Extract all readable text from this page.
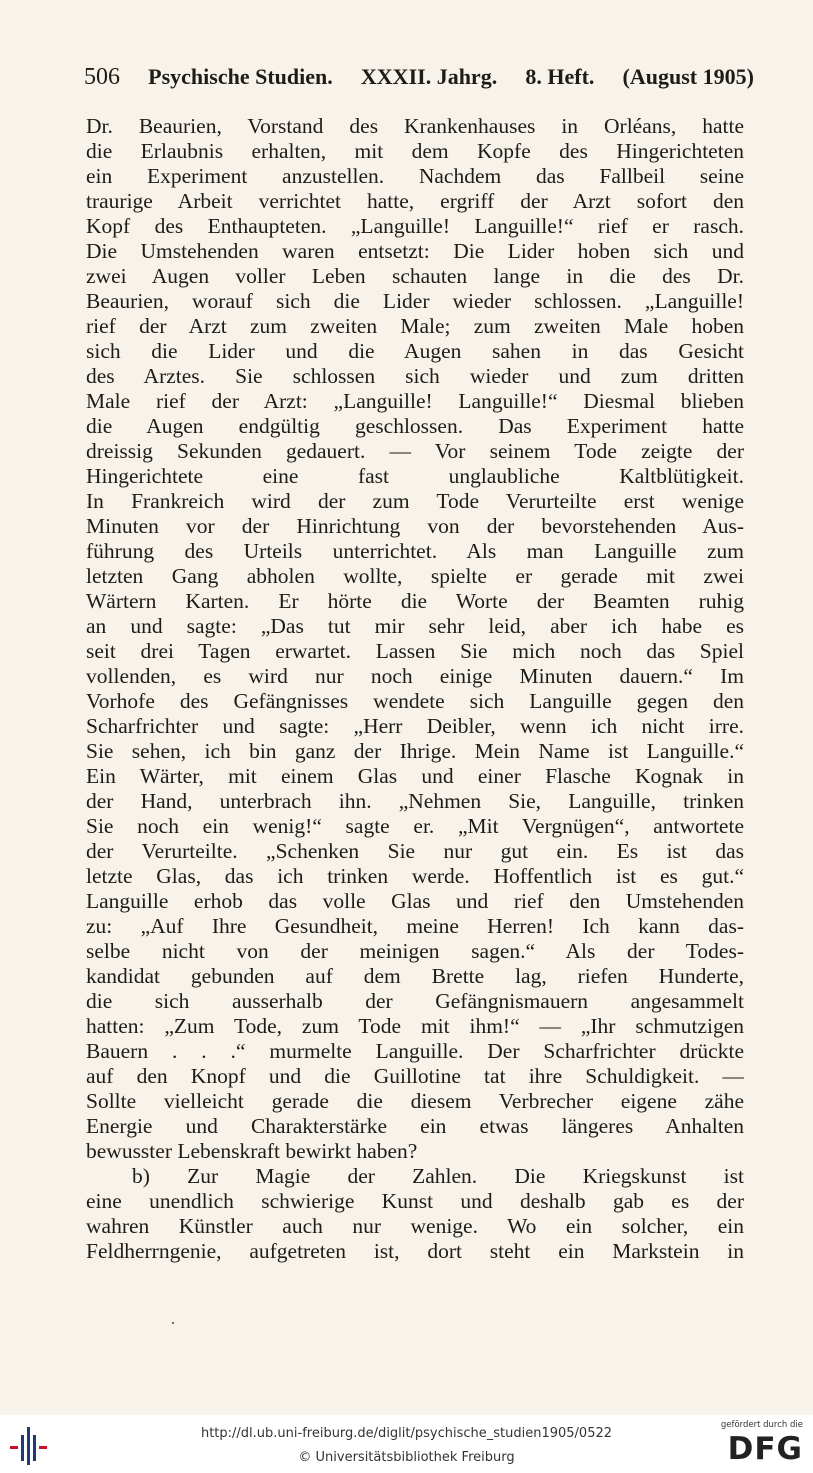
506 Psychische Studien. XXXII. Jahrg. 8. Heft. (August 1905)
Dr. Beaurien, Vorstand des Krankenhauses in Orléans, hatte
die Erlaubnis erhalten, mit dem Kopfe des Hingerichteten
ein Experiment anzustellen. Nachdem das Fallbeil seine
traurige Arbeit verrichtet hatte, ergriff der Arzt sofort den
Kopf des Enthaupteten. „Languille! Languille!“ rief er rasch.
Die Umstehenden waren entsetzt: Die Lider hoben sich und
zwei Augen voller Leben schauten lange in die des Dr.
Beaurien, worauf sich die Lider wieder schlossen. „Languille!
rief der Arzt zum zweiten Male; zum zweiten Male hoben
sich die Lider und die Augen sahen in das Gesicht
des Arztes. Sie schlossen sich wieder und zum dritten
Male rief der Arzt: „Languille! Languille!“ Diesmal blieben
die Augen endgültig geschlossen. Das Experiment hatte
dreissig Sekunden gedauert. — Vor seinem Tode zeigte der
Hingerichtete eine fast unglaubliche Kaltblütigkeit.
In Frankreich wird der zum Tode Verurteilte erst wenige
Minuten vor der Hinrichtung von der bevorstehenden Aus-
führung des Urteils unterrichtet. Als man Languille zum
letzten Gang abholen wollte, spielte er gerade mit zwei
Wärtern Karten. Er hörte die Worte der Beamten ruhig
an und sagte: „Das tut mir sehr leid, aber ich habe es
seit drei Tagen erwartet. Lassen Sie mich noch das Spiel
vollenden, es wird nur noch einige Minuten dauern.“ Im
Vorhofe des Gefängnisses wendete sich Languille gegen den
Scharfrichter und sagte: „Herr Deibler, wenn ich nicht irre.
Sie sehen, ich bin ganz der Ihrige. Mein Name ist Languille.“
Ein Wärter, mit einem Glas und einer Flasche Kognak in
der Hand, unterbrach ihn. „Nehmen Sie, Languille, trinken
Sie noch ein wenig!“ sagte er. „Mit Vergnügen“, antwortete
der Verurteilte. „Schenken Sie nur gut ein. Es ist das
letzte Glas, das ich trinken werde. Hoffentlich ist es gut.“
Languille erhob das volle Glas und rief den Umstehenden
zu: „Auf Ihre Gesundheit, meine Herren! Ich kann das-
selbe nicht von der meinigen sagen.“ Als der Todes-
kandidat gebunden auf dem Brette lag, riefen Hunderte,
die sich ausserhalb der Gefängnismauern angesammelt
hatten: „Zum Tode, zum Tode mit ihm!“ — „Ihr schmutzigen
Bauern . . .“ murmelte Languille. Der Scharfrichter drückte
auf den Knopf und die Guillotine tat ihre Schuldigkeit. —
Sollte vielleicht gerade die diesem Verbrecher eigene zähe
Energie und Charakterstärke ein etwas längeres Anhalten
bewusster Lebenskraft bewirkt haben?
b) Zur Magie der Zahlen. Die Kriegskunst ist
eine unendlich schwierige Kunst und deshalb gab es der
wahren Künstler auch nur wenige. Wo ein solcher, ein
Feldherrngenie, aufgetreten ist, dort steht ein Markstein in
http://dl.ub.uni-freiburg.de/diglit/psychische_studien1905/0522
© Universitätsbibliothek Freiburg
gefördert durch die
DFG
